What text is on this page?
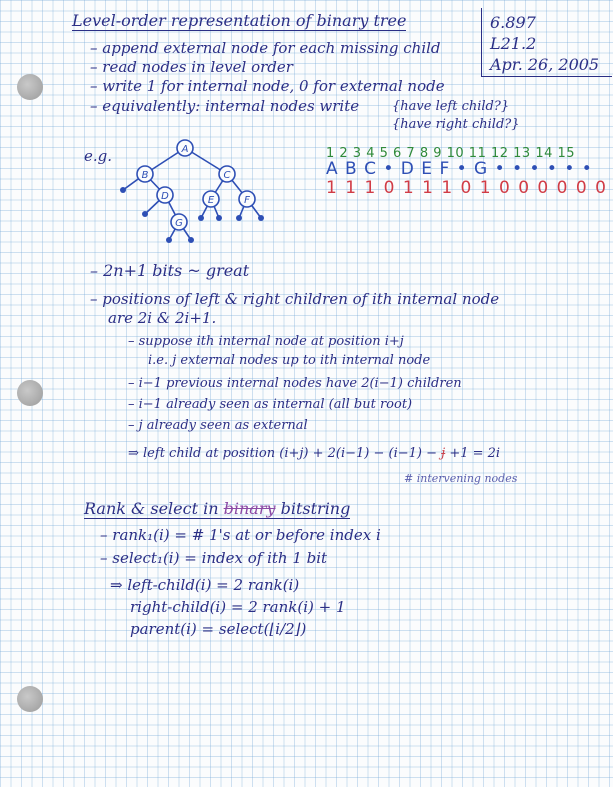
Level-order representation of binary tree	6.897
L21.2
Apr. 26, 2005
– append external node for each missing child
– read nodes in level order
– write 1 for internal node, 0 for external node
– equivalently: internal nodes write	{have left child?}
{have right child?}
e.g.	A
B	C
D	E	F
G
1 2 3 4 5 6 7 8 9 10 11 12 13 14 15
A B C • D E F • G • • • • • •
1 1 1 0 1 1 1 0 1 0 0 0 0 0 0
– 2n+1 bits ~ great
– positions of left & right children of ith internal node
are 2i & 2i+1.
– suppose ith internal node at position i+j
i.e. j external nodes up to ith internal node
– i−1 previous internal nodes have 2(i−1) children
– i−1 already seen as internal (all but root)
– j already seen as external
⇒ left child at position (i+j) + 2(i−1) − (i−1) − j +1 = 2i
# intervening nodes
Rank & select in binary bitstring
– rank₁(i) = # 1's at or before index i
– select₁(i) = index of ith 1 bit
⇒ left-child(i) = 2 rank(i)
right-child(i) = 2 rank(i) + 1
parent(i) = select(⌊i/2⌋)
